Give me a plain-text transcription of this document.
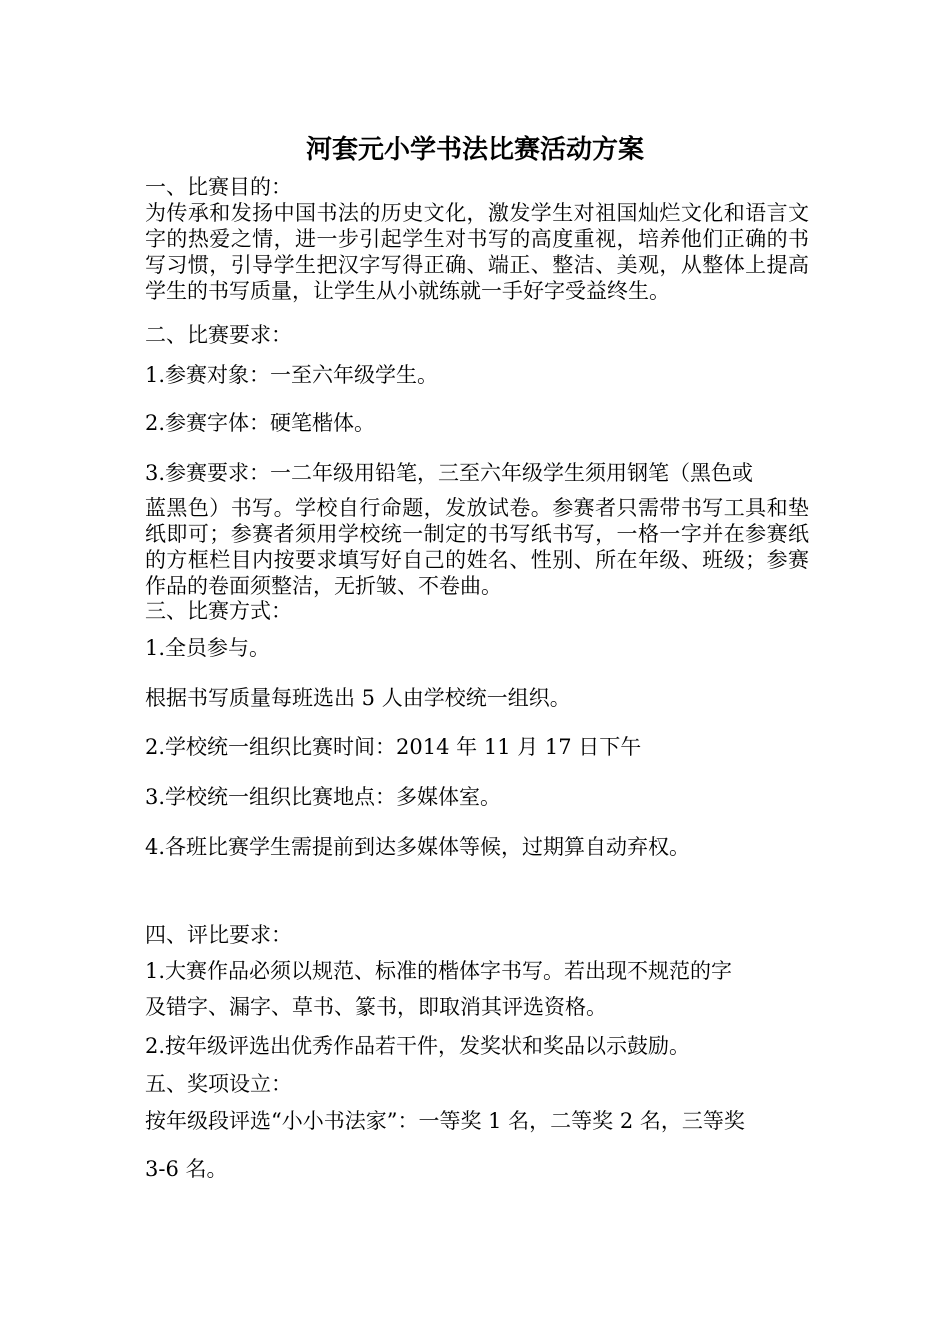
河套元小学书法比赛活动方案
一、比赛目的：
为传承和发扬中国书法的历史文化，激发学生对祖国灿烂文化和语言文字的热爱之情，进一步引起学生对书写的高度重视，培养他们正确的书写习惯，引导学生把汉字写得正确、端正、整洁、美观，从整体上提高学生的书写质量，让学生从小就练就一手好字受益终生。
二、比赛要求：
1.参赛对象：一至六年级学生。
2.参赛字体：硬笔楷体。
3.参赛要求：一二年级用铅笔，三至六年级学生须用钢笔（黑色或
蓝黑色）书写。学校自行命题，发放试卷。参赛者只需带书写工具和垫纸即可；参赛者须用学校统一制定的书写纸书写，一格一字并在参赛纸的方框栏目内按要求填写好自己的姓名、性别、所在年级、班级；参赛作品的卷面须整洁，无折皱、不卷曲。
三、比赛方式：
1.全员参与。
根据书写质量每班选出 5 人由学校统一组织。
2.学校统一组织比赛时间：2014 年 11 月 17 日下午
3.学校统一组织比赛地点：多媒体室。
4.各班比赛学生需提前到达多媒体等候，过期算自动弃权。
四、评比要求：
1.大赛作品必须以规范、标准的楷体字书写。若出现不规范的字
及错字、漏字、草书、篆书，即取消其评选资格。
2.按年级评选出优秀作品若干件，发奖状和奖品以示鼓励。
五、奖项设立：
按年级段评选“小小书法家”：一等奖 1 名，二等奖 2 名，三等奖
3-6 名。
